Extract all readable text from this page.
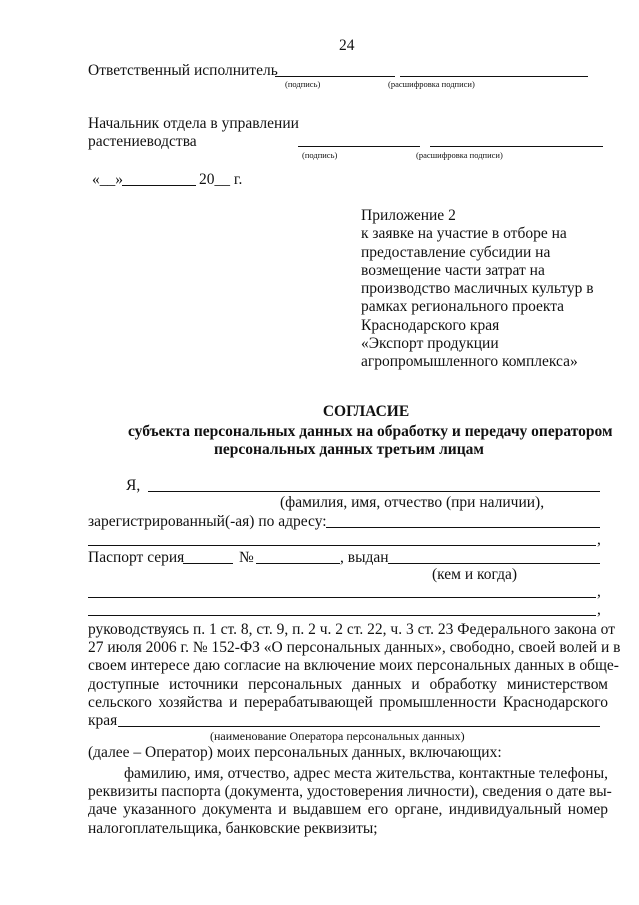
24
Ответственный исполнитель
(подпись)	(расшифровка подписи)
Начальник отдела в управлении
растениеводства
(подпись)	(расшифровка подписи)
«__»	20__ г.
Приложение 2
к заявке на участие в отборе на
предоставление субсидии на
возмещение части затрат на
производство масличных культур в
рамках регионального проекта
Краснодарского края
«Экспорт продукции
агропромышленного комплекса»
СОГЛАСИЕ
субъекта персональных данных на обработку и передачу оператором
персональных данных третьим лицам
Я,
(фамилия, имя, отчество (при наличии),
зарегистрированный(-ая) по адресу:
,
Паспорт серия	№	, выдан
(кем и когда)
,
,
руководствуясь п. 1 ст. 8, ст. 9, п. 2 ч. 2 ст. 22, ч. 3 ст. 23 Федерального закона от
27 июля 2006 г. № 152-ФЗ «О персональных данных», свободно, своей волей и в
своем интересе даю согласие на включение моих персональных данных в обще-
доступные источники персональных данных и обработку министерством
сельского хозяйства и перерабатывающей промышленности Краснодарского
края
(наименование Оператора персональных данных)
(далее – Оператор) моих персональных данных, включающих:
фамилию, имя, отчество, адрес места жительства, контактные телефоны,
реквизиты паспорта (документа, удостоверения личности), сведения о дате вы-
даче указанного документа и выдавшем его органе, индивидуальный номер
налогоплательщика, банковские реквизиты;
